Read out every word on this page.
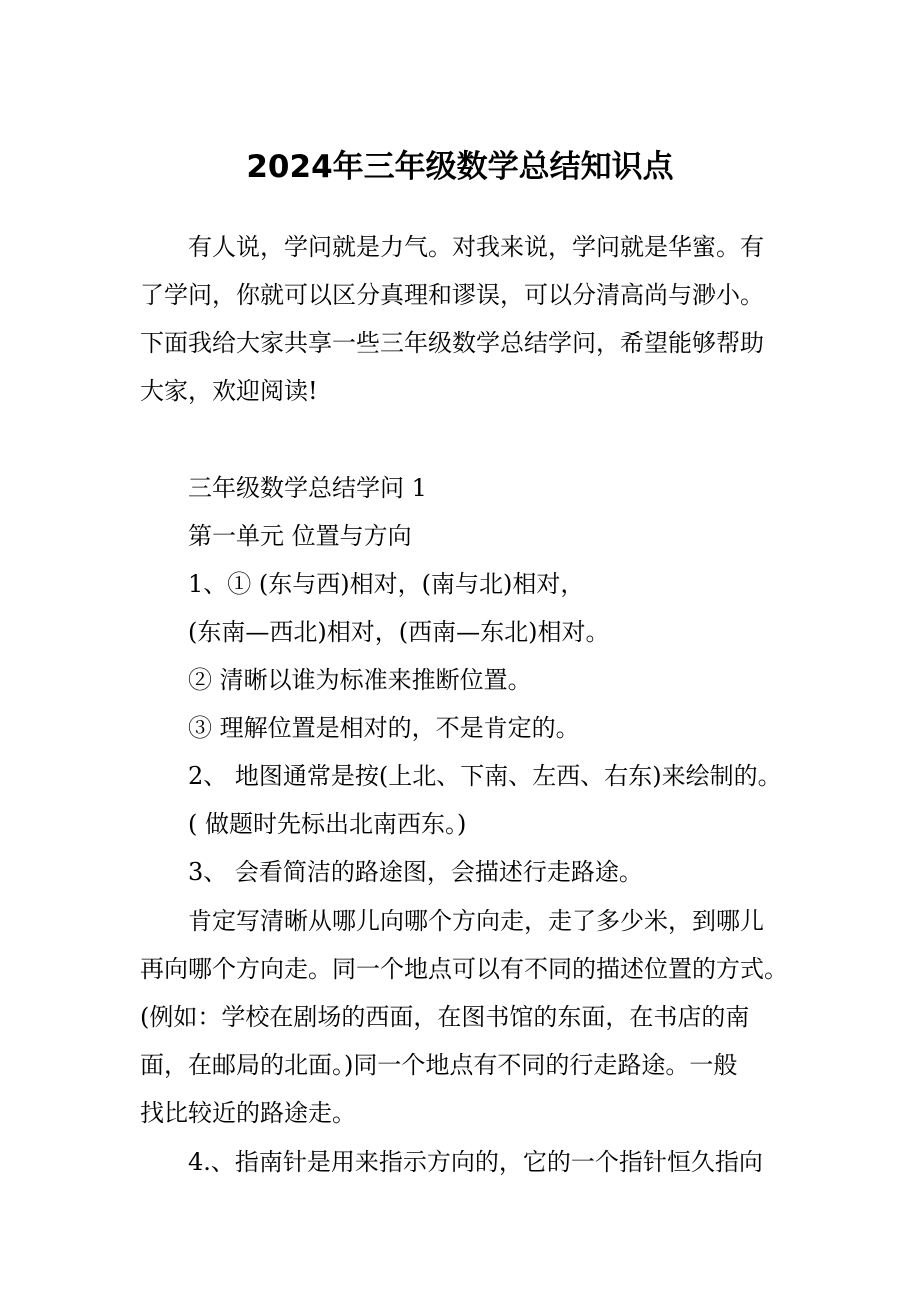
2024年三年级数学总结知识点

有人说，学问就是力气。对我来说，学问就是华蜜。有

了学问，你就可以区分真理和谬误，可以分清高尚与渺小。

下面我给大家共享一些三年级数学总结学问，希望能够帮助

大家，欢迎阅读!

三年级数学总结学问 1

第一单元 位置与方向

1、① (东与西)相对，(南与北)相对，

(东南—西北)相对，(西南—东北)相对。

② 清晰以谁为标准来推断位置。

③ 理解位置是相对的，不是肯定的。

2、 地图通常是按(上北、下南、左西、右东)来绘制的。

( 做题时先标出北南西东。)

3、 会看简洁的路途图，会描述行走路途。

肯定写清晰从哪儿向哪个方向走，走了多少米，到哪儿

再向哪个方向走。同一个地点可以有不同的描述位置的方式。

(例如：学校在剧场的西面，在图书馆的东面，在书店的南

面，在邮局的北面。)同一个地点有不同的行走路途。一般

找比较近的路途走。

4.、指南针是用来指示方向的，它的一个指针恒久指向
